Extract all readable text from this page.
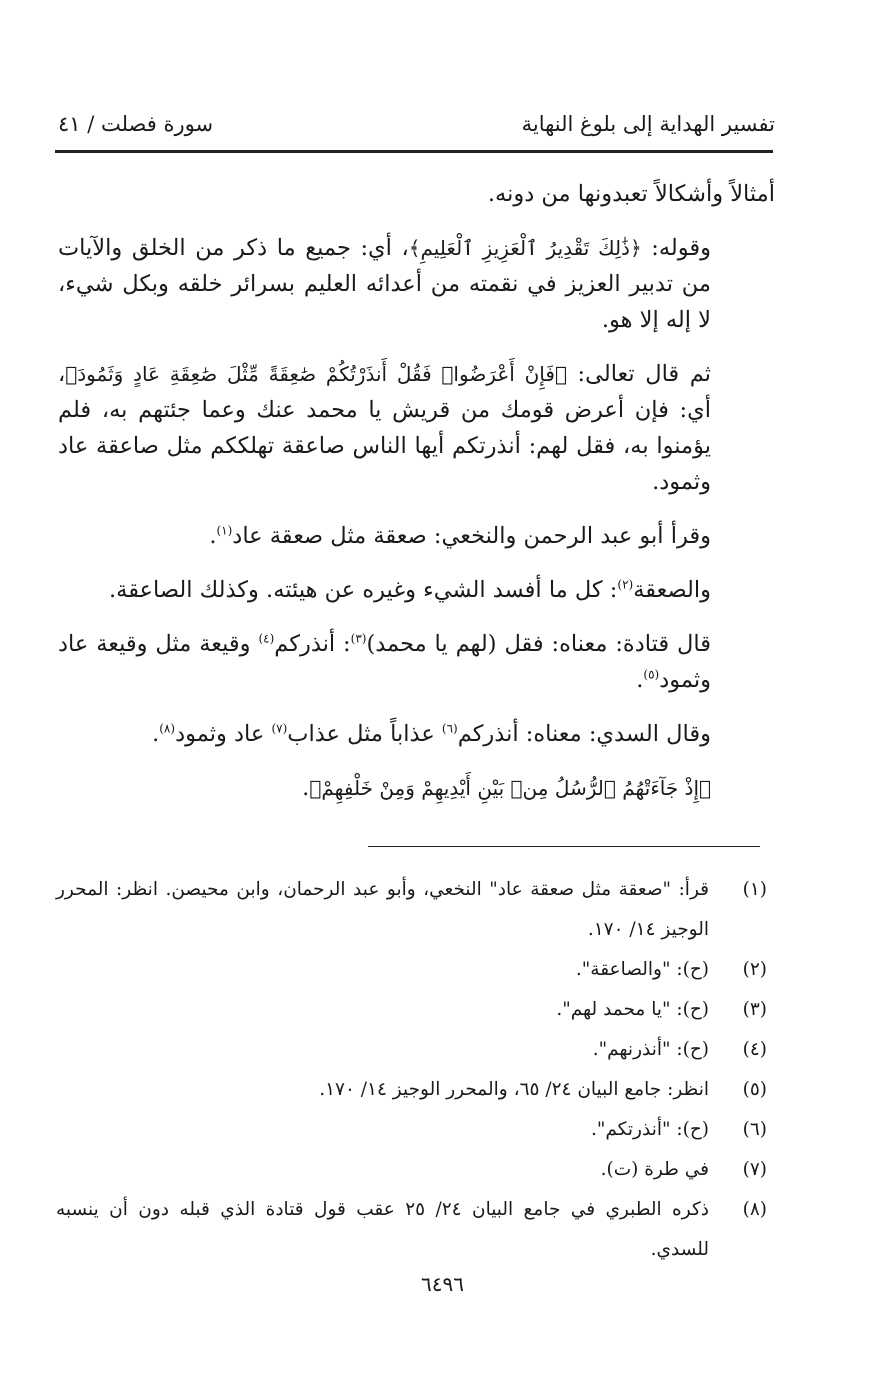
تفسير الهداية إلى بلوغ النهاية
سورة فصلت / ٤١

أمثالاً وأشكالاً تعبدونها من دونه.

وقوله: ﴿ذَٰلِكَ تَقْدِيرُ ٱلْعَزِيزِ ٱلْعَلِيمِ﴾، أي: جميع ما ذكر من الخلق والآيات من تدبير العزيز في نقمته من أعدائه العليم بسرائر خلقه وبكل شيء، لا إله إلا هو.

ثم قال تعالى: ﴿فَإِنْ أَعْرَضُوا۟ فَقُلْ أَنذَرْتُكُمْ صَٰعِقَةً مِّثْلَ صَٰعِقَةِ عَادٍ وَثَمُودَ﴾، أي: فإن أعرض قومك من قريش يا محمد عنك وعما جئتهم به، فلم يؤمنوا به، فقل لهم: أنذرتكم أيها الناس صاعقة تهلككم مثل صاعقة عاد وثمود.

وقرأ أبو عبد الرحمن والنخعي: صعقة مثل صعقة عاد$^{(١)}$.

والصعقة$^{(٢)}$: كل ما أفسد الشيء وغيره عن هيئته. وكذلك الصاعقة.

قال قتادة: معناه: فقل (لهم يا محمد)$^{(٣)}$: أنذركم$^{(٤)}$ وقيعة مثل وقيعة عاد وثمود$^{(٥)}$.

وقال السدي: معناه: أنذركم$^{(٦)}$ عذاباً مثل عذاب$^{(٧)}$ عاد وثمود$^{(٨)}$.

﴿إِذْ جَآءَتْهُمُ ٱلرُّسُلُ مِنۢ بَيْنِ أَيْدِيهِمْ وَمِنْ خَلْفِهِمْ﴾.

(١)
قرأ: "صعقة مثل صعقة عاد" النخعي، وأبو عبد الرحمان، وابن محيصن. انظر: المحرر الوجيز ١٤/ ١٧٠.
(٢)
(ح): "والصاعقة".
(٣)
(ح): "يا محمد لهم".
(٤)
(ح): "أنذرنهم".
(٥)
انظر: جامع البيان ٢٤/ ٦٥، والمحرر الوجيز ١٤/ ١٧٠.
(٦)
(ح): "أنذرتكم".
(٧)
في طرة (ت).
(٨)
ذكره الطبري في جامع البيان ٢٤/ ٢٥ عقب قول قتادة الذي قبله دون أن ينسبه للسدي.
٦٤٩٦
